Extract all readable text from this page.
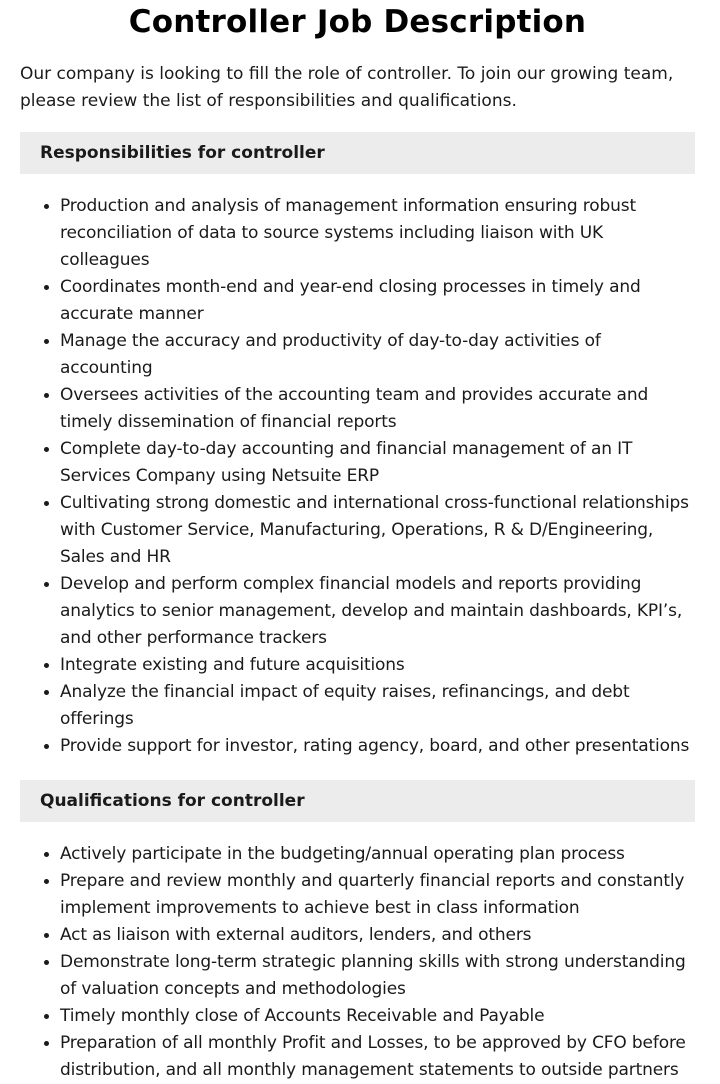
Controller Job Description

Our company is looking to fill the role of controller. To join our growing team, please review the list of responsibilities and qualifications.

Responsibilities for controller
• Production and analysis of management information ensuring robust reconciliation of data to source systems including liaison with UK colleagues
• Coordinates month-end and year-end closing processes in timely and accurate manner
• Manage the accuracy and productivity of day-to-day activities of accounting
• Oversees activities of the accounting team and provides accurate and timely dissemination of financial reports
• Complete day-to-day accounting and financial management of an IT Services Company using Netsuite ERP
• Cultivating strong domestic and international cross-functional relationships with Customer Service, Manufacturing, Operations, R & D/Engineering, Sales and HR
• Develop and perform complex financial models and reports providing analytics to senior management, develop and maintain dashboards, KPI’s, and other performance trackers
• Integrate existing and future acquisitions
• Analyze the financial impact of equity raises, refinancings, and debt offerings
• Provide support for investor, rating agency, board, and other presentations
Qualifications for controller
• Actively participate in the budgeting/annual operating plan process
• Prepare and review monthly and quarterly financial reports and constantly implement improvements to achieve best in class information
• Act as liaison with external auditors, lenders, and others
• Demonstrate long-term strategic planning skills with strong understanding of valuation concepts and methodologies
• Timely monthly close of Accounts Receivable and Payable
• Preparation of all monthly Profit and Losses, to be approved by CFO before distribution, and all monthly management statements to outside partners
